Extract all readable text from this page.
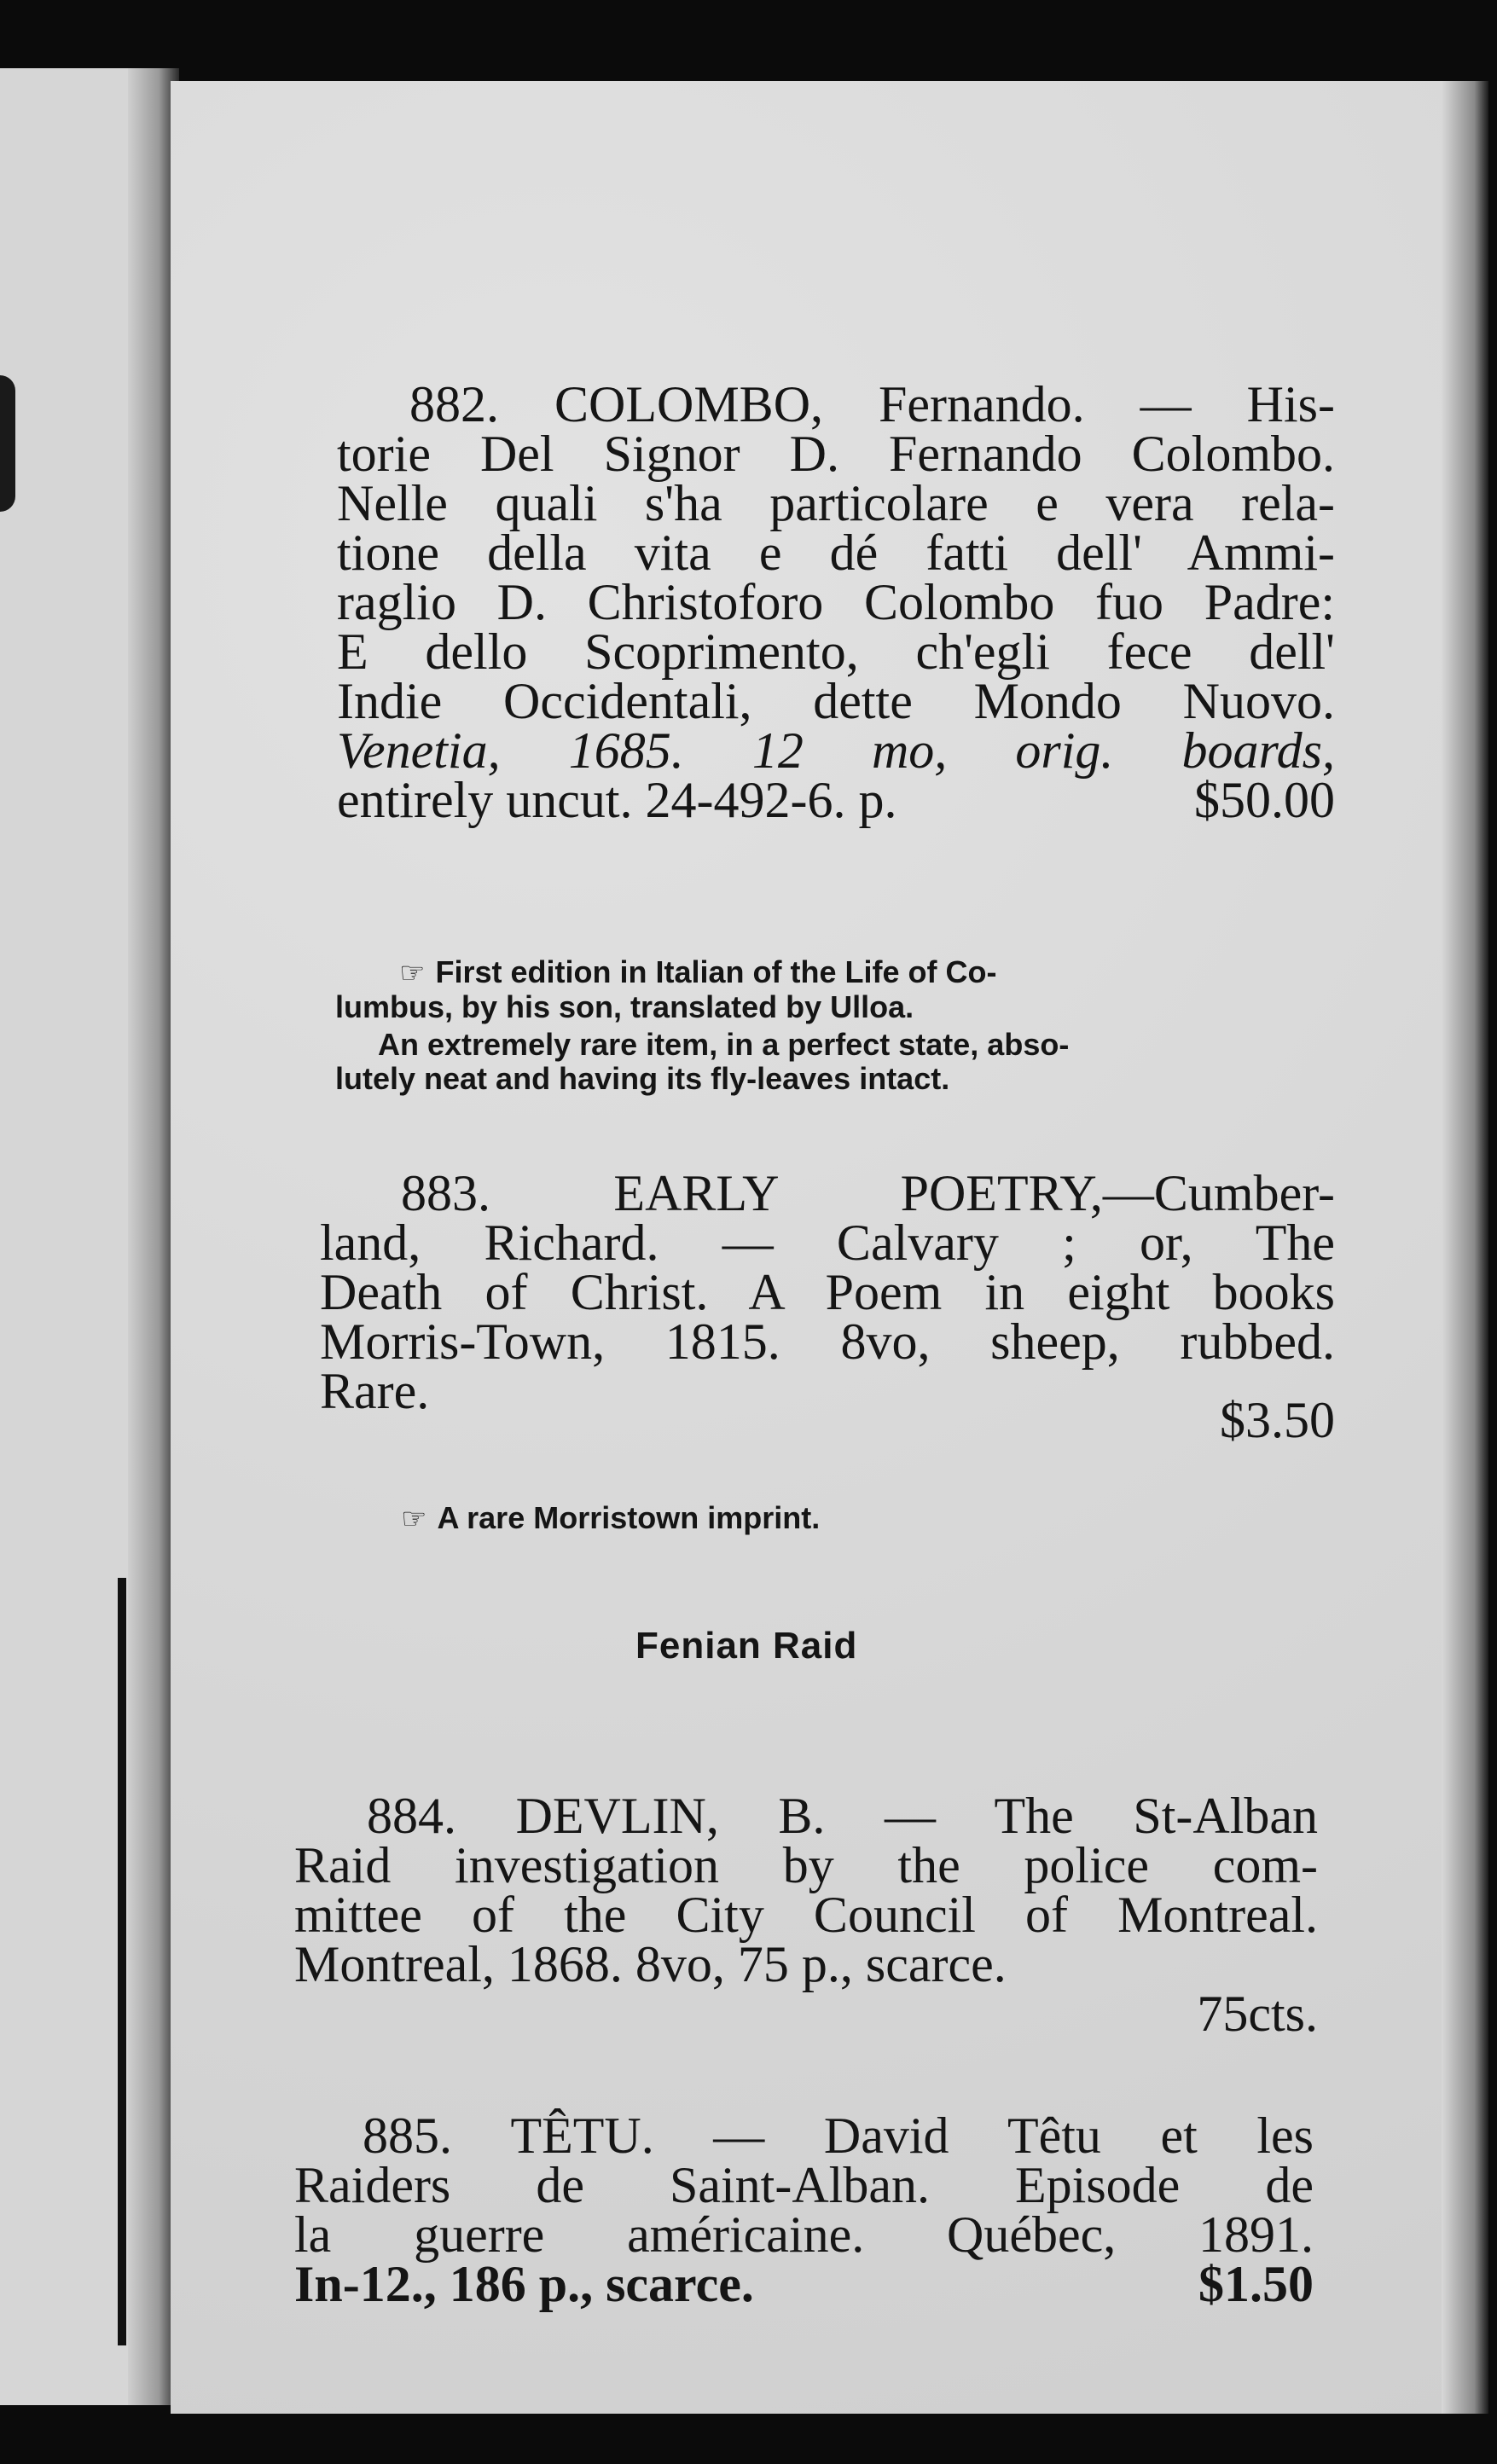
882. COLOMBO, Fernando. — His-

torie Del Signor D. Fernando Colombo.

Nelle quali s'ha particolare e vera rela-

tione della vita e dé fatti dell' Ammi-

raglio D. Christoforo Colombo fuo Padre:

E dello Scoprimento, ch'egli fece dell'

Indie Occidentali, dette Mondo Nuovo.

Venetia, 1685. 12 mo, orig. boards,

entirely uncut. 24-492-6. p.	$50.00

☞ First edition in Italian of the Life of Co-

lumbus, by his son, translated by Ulloa.

An extremely rare item, in a perfect state, abso-

lutely neat and having its fly-leaves intact.

883. EARLY POETRY,—Cumber-

land, Richard. — Calvary ; or, The

Death of Christ. A Poem in eight books

Morris-Town, 1815. 8vo, sheep, rubbed.

Rare.

$3.50

☞ A rare Morristown imprint.

Fenian Raid

884. DEVLIN, B. — The St-Alban

Raid investigation by the police com-

mittee of the City Council of Montreal.

Montreal, 1868. 8vo, 75 p., scarce.

75cts.

885. TÊTU. — David Têtu et les

Raiders de Saint-Alban. Episode de

la guerre américaine. Québec, 1891.

In-12., 186 p., scarce.	$1.50
